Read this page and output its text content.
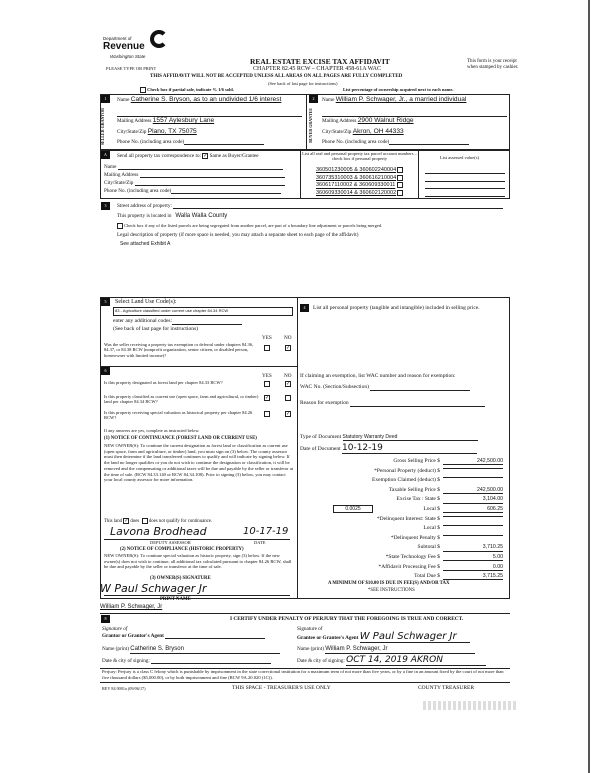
Department of
Revenue
Washington State
PLEASE TYPE OR PRINT
REAL ESTATE EXCISE TAX AFFIDAVIT
CHAPTER 82.45 RCW – CHAPTER 458-61A WAC
THIS AFFIDAVIT WILL NOT BE ACCEPTED UNLESS ALL AREAS ON ALL PAGES ARE FULLY COMPLETED
(See back of last page for instructions)
Check box if partial sale, indicate % 1/6 sold.	List percentage of ownership acquired next to each name.
This form is your receipt
when stamped by cashier.
1
SELLER GRANTOR
Name Catherine S. Bryson, as to an undivided 1/6 interest
Mailing Address 1557 Aylesbury Lane
City/State/Zip Plano, TX 75075
Phone No. (including area code)
2
BUYER GRANTEE
Name William P. Schwager, Jr., a married individual
Mailing Address 2900 Walnut Ridge
City/State/Zip Akron, OH 44333
Phone No. (including area code)
A	Send all property tax correspondence to: ✓ Same as Buyer/Grantee
Name
Mailing Address
City/State/Zip
Phone No. (including area code)
List all real and personal property tax parcel account numbers – check box if personal property	List assessed value(s)
360501230005 & 360602240004
360735310003 & 360616210004
360617110002 & 360609330011
360609330014 & 360602120002
3	Street address of property:
This property is located in Walla Walla County
Check box if any of the listed parcels are being segregated from another parcel, are part of a boundary line adjustment or parcels being merged.
Legal description of property (if more space is needed, you may attach a separate sheet to each page of the affidavit)
See attached Exhibit A
5	Select Land Use Code(s):
83 - Agriculture classified under current use chapter 84.34 RCW
enter any additional codes:
(See back of last page for instructions)
YES NO
Was the seller receiving a property tax exemption or deferral under chapters 84.36, 84.37, or 84.38 RCW (nonprofit organization, senior citizen, or disabled person, homeowner with limited income)?
✓
6
YES NO
Is this property designated as forest land per chapter 84.33 RCW?	✓
Is this property classified as current use (open space, farm and agricultural, or timber) land per chapter 84.34 RCW?
✓
Is this property receiving special valuation as historical property per chapter 84.26 RCW?
✓
If any answers are yes, complete as instructed below.
(1) NOTICE OF CONTINUANCE (FOREST LAND OR CURRENT USE)
NEW OWNER(S): To continue the current designation as forest land or classification as current use (open space, farm and agriculture, or timber) land, you must sign on (3) below. The county assessor must then determine if the land transferred continues to qualify and will indicate by signing below. If the land no longer qualifies or you do not wish to continue the designation or classification, it will be removed and the compensating or additional taxes will be due and payable by the seller or transferor at the time of sale. (RCW 84.33.140 or RCW 84.34.108). Prior to signing (3) below, you may contact your local county assessor for more information.
This land ✓ does does not qualify for continuance.
Lavona Brodhead	10-17-19
DEPUTY ASSESSOR	DATE
(2) NOTICE OF COMPLIANCE (HISTORIC PROPERTY)
NEW OWNER(S): To continue special valuation as historic property, sign (3) below. If the new owner(s) does not wish to continue, all additional tax calculated pursuant to chapter 84.26 RCW, shall be due and payable by the seller or transferor at the time of sale.
(3) OWNER(S) SIGNATURE
W Paul Schwager Jr
PRINT NAME
William P. Schwager, Jr
4	List all personal property (tangible and intangible) included in selling price.
If claiming an exemption, list WAC number and reason for exemption:
WAC No. (Section/Subsection)
Reason for exemption
Type of Document Statutory Warranty Deed
Date of Document 10-12-19
Gross Selling Price $	242,500.00
*Personal Property (deduct) $
Exemption Claimed (deduct) $
Taxable Selling Price $	242,500.00
Excise Tax : State $	3,104.00
Local $	606.25
*Delinquent Interest: State $
Local $
*Delinquent Penalty $
Subtotal $	3,710.25
*State Technology Fee $	5.00
*Affidavit Processing Fee $	0.00
Total Due $	3,715.25
0.0025
A MINIMUM OF $10.00 IS DUE IN FEE(S) AND/OR TAX
*SEE INSTRUCTIONS
8	I CERTIFY UNDER PENALTY OF PERJURY THAT THE FOREGOING IS TRUE AND CORRECT.
Signature of
Grantor or Grantor's Agent
Name (print) Catherine S. Bryson
Date & city of signing:
Signature of
Grantee or Grantee's Agent W Paul Schwager Jr
Name (print) William P. Schwager, Jr
Date & city of signing: OCT 14, 2019 AKRON
Perjury: Perjury is a class C felony which is punishable by imprisonment in the state correctional institution for a maximum term of not more than five years, or by a fine in an amount fixed by the court of not more than five thousand dollars ($5,000.00), or by both imprisonment and fine (RCW 9A.20.020 (1C)).
REV 84 0001a (09/06/17)	THIS SPACE - TREASURER'S USE ONLY	COUNTY TREASURER
